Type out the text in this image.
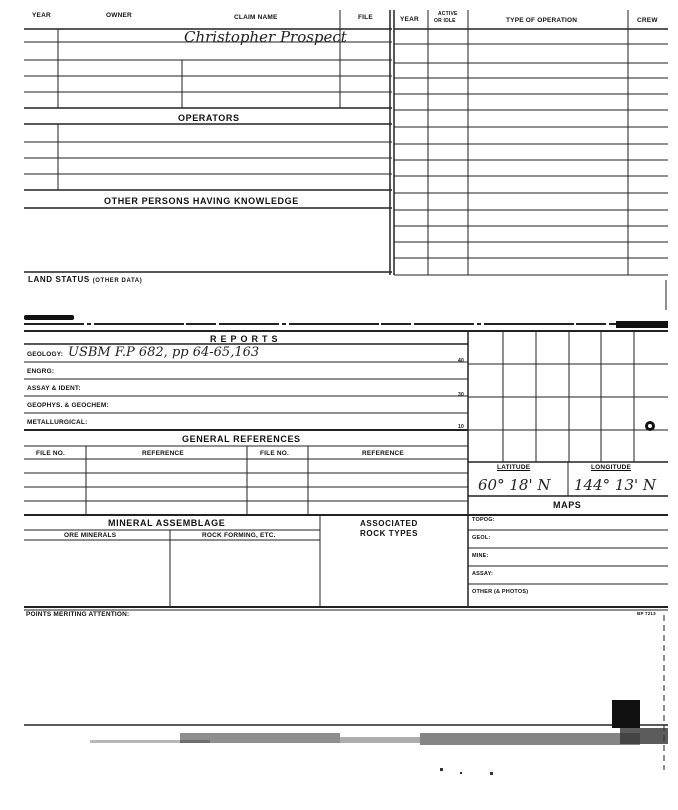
YEAR	OWNER	CLAIM NAME	FILE	YEAR
ACTIVE
OR IDLE	TYPE OF OPERATION	CREW
Christopher Prospect
OPERATORS
OTHER PERSONS HAVING KNOWLEDGE
LAND STATUS (OTHER DATA)
REPORTS
GEOLOGY: USBM F.P 682, pp 64-65,163
40
ENGRG:
ASSAY & IDENT:
30
GEOPHYS. & GEOCHEM:
METALLURGICAL:
10
GENERAL REFERENCES
FILE NO.	REFERENCE	FILE NO.	REFERENCE
MINERAL ASSEMBLAGE
ORE MINERALS	ROCK FORMING, ETC.
ASSOCIATED
ROCK TYPES
LATITUDE	LONGITUDE
60° 18' N 144° 13' N
MAPS
TOPOG:
GEOL:
MINE:
ASSAY:
OTHER (& PHOTOS)
POINTS MERITING ATTENTION:	BP 7213
